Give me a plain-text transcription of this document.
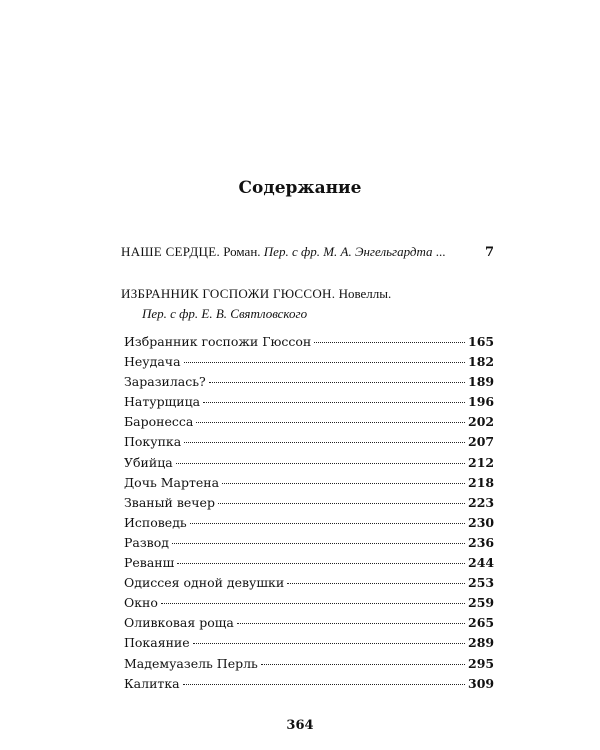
Содержание
НАШЕ СЕРДЦЕ. Роман. Пер. с фр. М. А. Энгельгардта ...	7
ИЗБРАННИК ГОСПОЖИ ГЮССОН. Новеллы.
Пер. с фр. Е. В. Святловского
Избранник госпожи Гюссон	165
Неудача	182
Заразилась?	189
Натурщица	196
Баронесса	202
Покупка	207
Убийца	212
Дочь Мартена	218
Званый вечер	223
Исповедь	230
Развод	236
Реванш	244
Одиссея одной девушки	253
Окно	259
Оливковая роща	265
Покаяние	289
Мадемуазель Перль	295
Калитка	309
364
